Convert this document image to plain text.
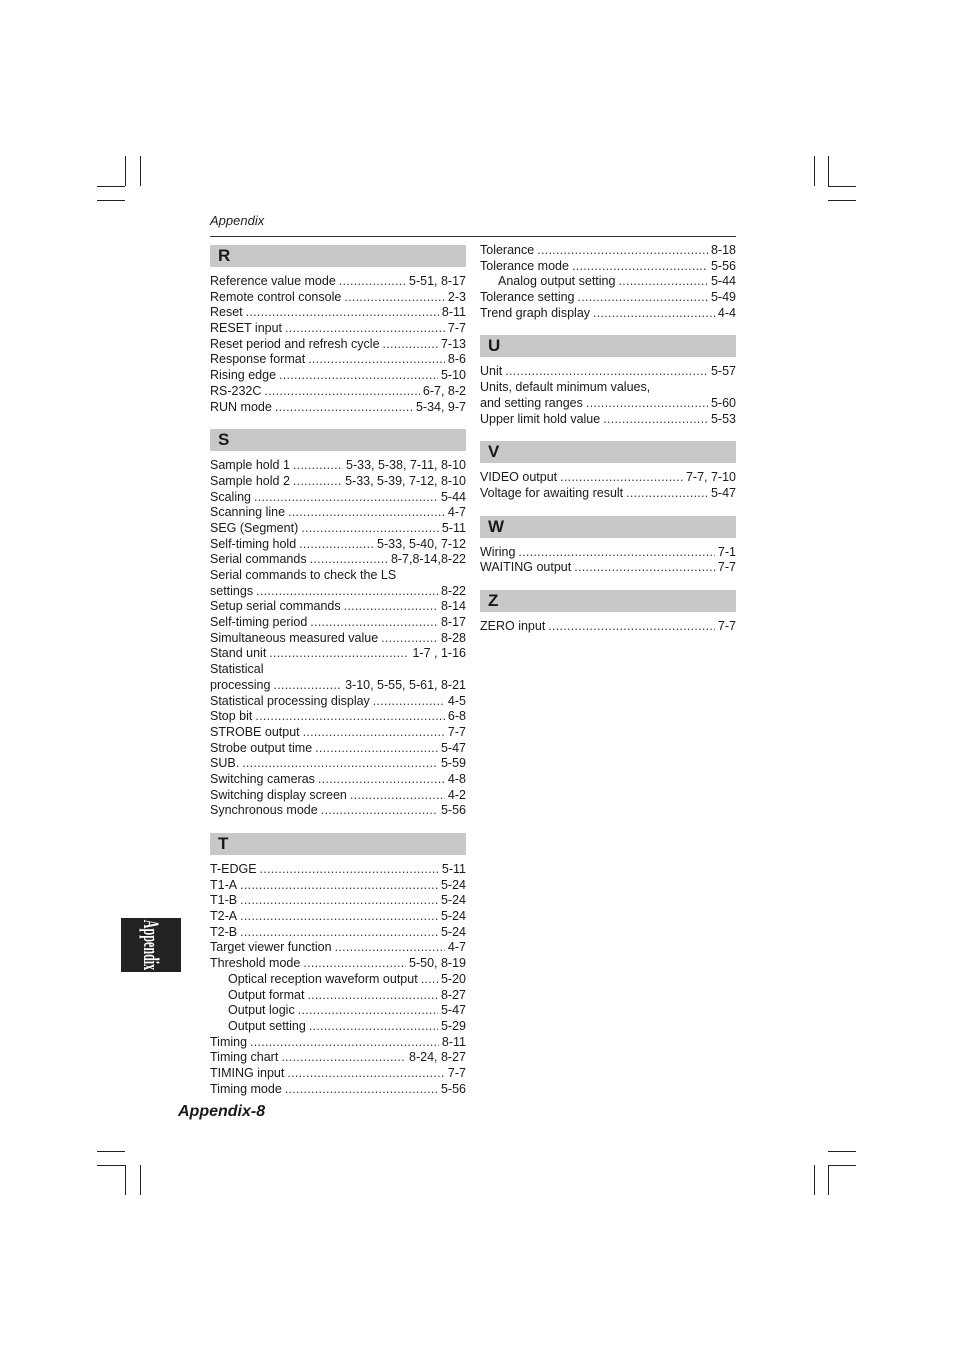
Appendix
R
Reference value mode . . .	5-51, 8-17
Remote control console . . .	2-3
Reset . . .	8-11
RESET input . . .	7-7
Reset period and refresh cycle . . .	7-13
Response format . . .	8-6
Rising edge . . .	5-10
RS-232C . . .	6-7, 8-2
RUN mode . . .	5-34, 9-7
S
Sample hold 1 . . .	5-33, 5-38, 7-11, 8-10
Sample hold 2 . . .	5-33, 5-39, 7-12, 8-10
Scaling . . .	5-44
Scanning line . . .	4-7
SEG (Segment) . . .	5-11
Self-timing hold . . .	5-33, 5-40, 7-12
Serial commands . . .	8-7,8-14,8-22
Serial commands to check the LS
settings . . .	8-22
Setup serial commands . . .	8-14
Self-timing period . . .	8-17
Simultaneous measured value . . .	8-28
Stand unit . . .	1-7 , 1-16
Statistical
processing . . .	3-10, 5-55, 5-61, 8-21
Statistical processing display . . .	4-5
Stop bit . . .	6-8
STROBE output . . .	7-7
Strobe output time . . .	5-47
SUB. . . .	5-59
Switching cameras . . .	4-8
Switching display screen . . .	4-2
Synchronous mode . . .	5-56
T
T-EDGE . . .	5-11
T1-A . . .	5-24
T1-B . . .	5-24
T2-A . . .	5-24
T2-B . . .	5-24
Target viewer function . . .	4-7
Threshold mode . . .	5-50, 8-19
Optical reception waveform output . . . 5-20
Output format . . .	8-27
Output logic . . .	5-47
Output setting . . .	5-29
Timing . . .	8-11
Timing chart . . .	8-24, 8-27
TIMING input . . .	7-7
Timing mode . . .	5-56
Tolerance . . .	8-18
Tolerance mode . . .	5-56
Analog output setting . . .	5-44
Tolerance setting . . .	5-49
Trend graph display . . .	4-4
U
Unit . . .	5-57
Units, default minimum values,
and setting ranges . . .	5-60
Upper limit hold value . . .	5-53
V
VIDEO output . . .	7-7, 7-10
Voltage for awaiting result . . .	5-47
W
Wiring . . .	7-1
WAITING output . . .	7-7
Z
ZERO input . . .	7-7
Appendix
Appendix-8
